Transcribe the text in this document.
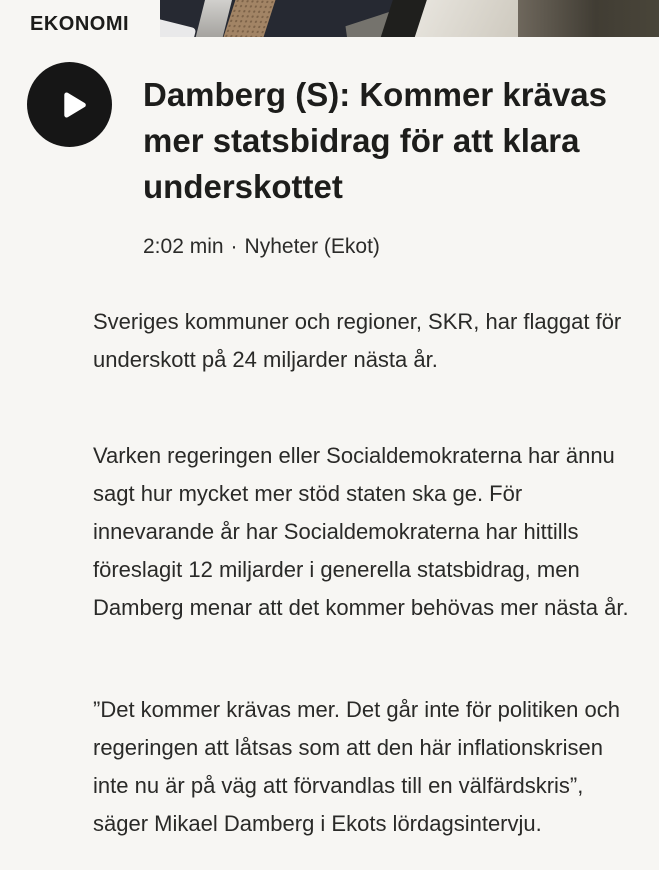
EKONOMI
Damberg (S): Kommer krävas
mer statsbidrag för att klara
underskottet
2:02 min · Nyheter (Ekot)
Sveriges kommuner och regioner, SKR, har flaggat för underskott på 24 miljarder nästa år.
Varken regeringen eller Socialdemokraterna har ännu sagt hur mycket mer stöd staten ska ge. För innevarande år har Socialdemokraterna har hittills föreslagit 12 miljarder i generella statsbidrag, men Damberg menar att det kommer behövas mer nästa år.
”Det kommer krävas mer. Det går inte för politiken och regeringen att låtsas som att den här inflationskrisen inte nu är på väg att förvandlas till en välfärdskris”, säger Mikael Damberg i Ekots lördagsintervju.
